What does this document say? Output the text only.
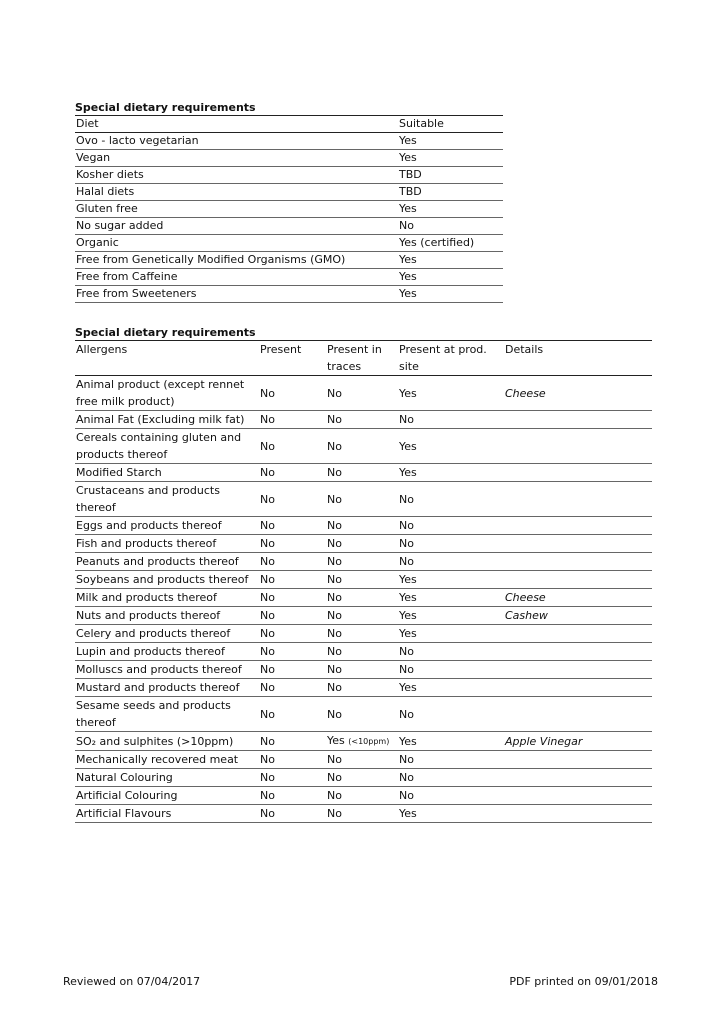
Special dietary requirements
Diet	Suitable
Ovo - lacto vegetarian	Yes
Vegan	Yes
Kosher diets	TBD
Halal diets	TBD
Gluten free	Yes
No sugar added	No
Organic	Yes (certified)
Free from Genetically Modified Organisms (GMO)	Yes
Free from Caffeine	Yes
Free from Sweeteners	Yes
Special dietary requirements
Allergens	Present	Present in traces	Present at prod. site	Details
Animal product (except rennet free milk product)	No	No	Yes	Cheese
Animal Fat (Excluding milk fat)	No	No	No	
Cereals containing gluten and products thereof	No	No	Yes	
Modified Starch	No	No	Yes	
Crustaceans and products thereof	No	No	No	
Eggs and products thereof	No	No	No	
Fish and products thereof	No	No	No	
Peanuts and products thereof	No	No	No	
Soybeans and products thereof	No	No	Yes	
Milk and products thereof	No	No	Yes	Cheese
Nuts and products thereof	No	No	Yes	Cashew
Celery and products thereof	No	No	Yes	
Lupin and products thereof	No	No	No	
Molluscs and products thereof	No	No	No	
Mustard and products thereof	No	No	Yes	
Sesame seeds and products thereof	No	No	No	
SO₂ and sulphites (>10ppm)	No	Yes (<10ppm)	Yes	Apple Vinegar
Mechanically recovered meat	No	No	No	
Natural Colouring	No	No	No	
Artificial Colouring	No	No	No	
Artificial Flavours	No	No	Yes	
Reviewed on 07/04/2017	PDF printed on 09/01/2018
